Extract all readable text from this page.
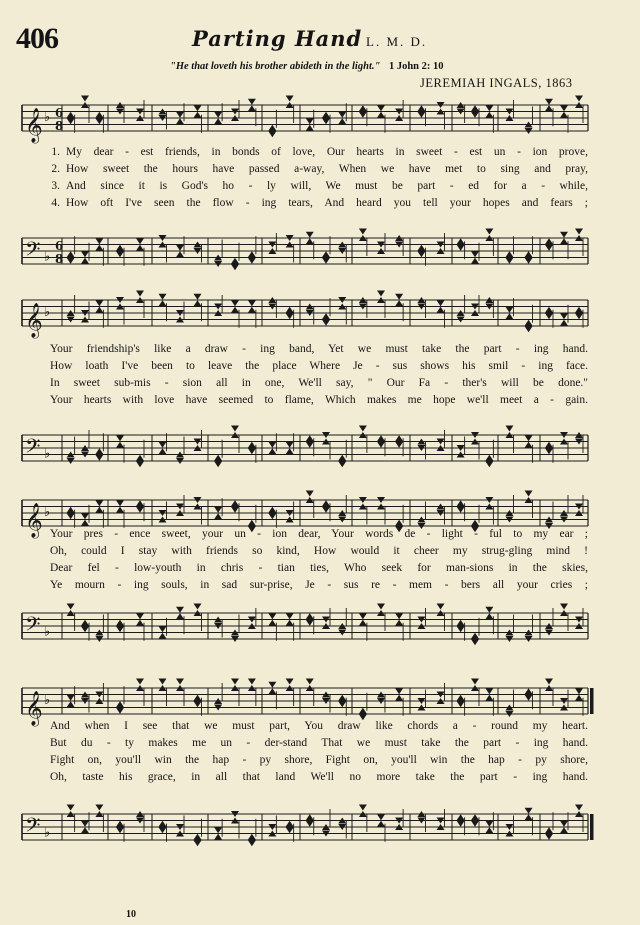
406	Parting Hand L. M. D.
"He that loveth his brother abideth in the light." 1 John 2: 10
JEREMIAH INGALS, 1863
𝄞 ♭ 6
8
1. My dear - est friends, in bonds of love, Our hearts in sweet - est un - ion prove,
2. How sweet the hours have passed a-way, When we have met to sing and pray,
3. And since it is God's ho - ly will, We must be part - ed for a - while,
4. How oft I've seen the flow - ing tears, And heard you tell your hopes and fears ;
𝄢 ♭
6
8
𝄞 ♭
Your friendship's like a draw - ing band, Yet we must take the part - ing hand.
How loath I've been to leave the place Where Je - sus shows his smil - ing face.
In sweet sub-mis - sion all in one, We'll say, " Our Fa - ther's will be done."
Your hearts with love have seemed to flame, Which makes me hope we'll meet a - gain.
𝄢 ♭
𝄞 ♭
Your pres - ence sweet, your un - ion dear, Your words de - light - ful to my ear ;
Oh, could I stay with friends so kind, How would it cheer my strug-gling mind !
Dear fel - low-youth in chris - tian ties, Who seek for man-sions in the skies,
Ye mourn - ing souls, in sad sur-prise, Je - sus re - mem - bers all your cries ;
𝄢 ♭
𝄞 ♭
And when I see that we must part, You draw like chords a - round my heart.
But du - ty makes me un - der-stand That we must take the part - ing hand.
Fight on, you'll win the hap - py shore, Fight on, you'll win the hap - py shore,
Oh, taste his grace, in all that land We'll no more take the part - ing hand.
𝄢 ♭
10
